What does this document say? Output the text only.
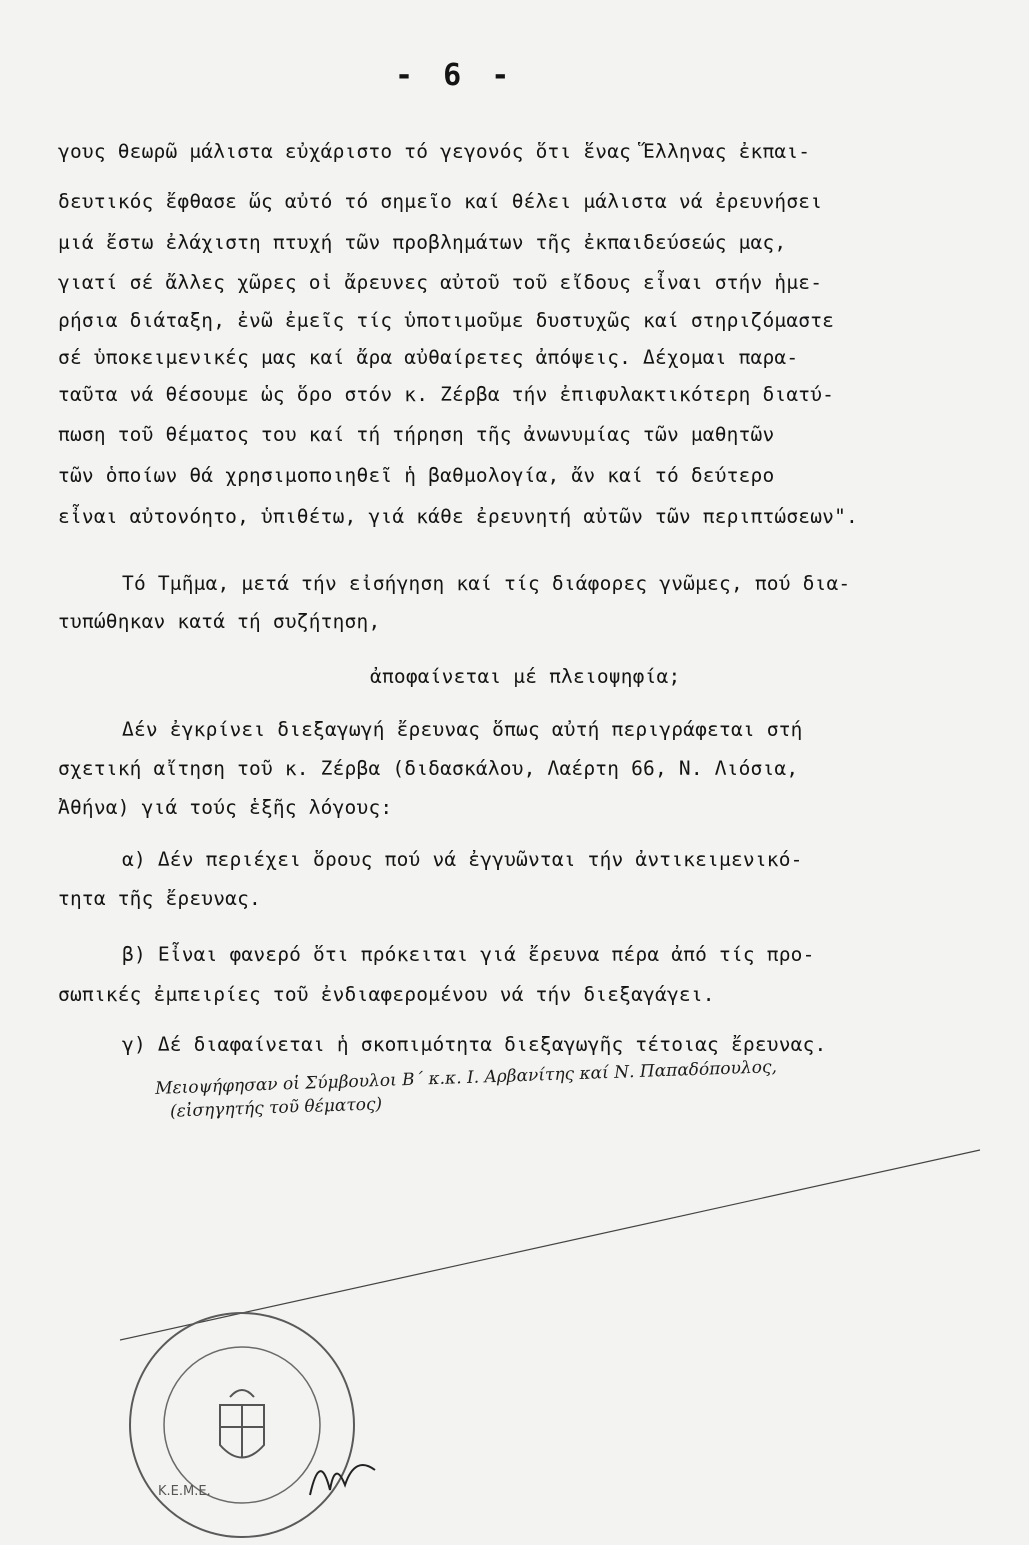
- 6 -
γους θεωρῶ μάλιστα εὐχάριστο τό γεγονός ὅτι ἕνας Ἕλληνας ἐκπαι-
δευτικός ἔφθασε ὥς αὐτό τό σημεῖο καί θέλει μάλιστα νά ἐρευνήσει
μιά ἔστω ἐλάχιστη πτυχή τῶν προβλημάτων τῆς ἐκπαιδεύσεώς μας,
γιατί σέ ἄλλες χῶρες οἱ ἄρευνες αὐτοῦ τοῦ εἴδους εἶναι στήν ἡμε-
ρήσια διάταξη, ἐνῶ ἐμεῖς τίς ὑποτιμοῦμε δυστυχῶς καί στηριζόμαστε
σέ ὑποκειμενικές μας καί ἄρα αὐθαίρετες ἀπόψεις. Δέχομαι παρα-
ταῦτα νά θέσουμε ὡς ὅρο στόν κ. Ζέρβα τήν ἐπιφυλακτικότερη διατύ-
πωση τοῦ θέματος του καί τή τήρηση τῆς ἀνωνυμίας τῶν μαθητῶν
τῶν ὁποίων θά χρησιμοποιηθεῖ ἡ βαθμολογία, ἄν καί τό δεύτερο
εἶναι αὐτονόητο, ὑπιθέτω, γιά κάθε ἐρευνητή αὐτῶν τῶν περιπτώσεων".
Τό Τμῆμα, μετά τήν εἰσήγηση καί τίς διάφορες γνῶμες, πού δια-
τυπώθηκαν κατά τή συζήτηση,
ἀποφαίνεται μέ πλειοψηφία;
Δέν ἐγκρίνει διεξαγωγή ἔρευνας ὅπως αὐτή περιγράφεται στή
σχετική αἴτηση τοῦ κ. Ζέρβα (διδασκάλου, Λαέρτη 66, Ν. Λιόσια,
Ἀθήνα) γιά τούς ἑξῆς λόγους:
α) Δέν περιέχει ὅρους πού νά ἐγγυῶνται τήν ἀντικειμενικό-
τητα τῆς ἔρευνας.
β) Εἶναι φανερό ὅτι πρόκειται γιά ἔρευνα πέρα ἀπό τίς προ-
σωπικές ἐμπειρίες τοῦ ἐνδιαφερομένου νά τήν διεξαγάγει.
γ) Δέ διαφαίνεται ἡ σκοπιμότητα διεξαγωγῆς τέτοιας ἔρευνας.
Μειοψήφησαν οἱ Σύμβουλοι Β΄ κ.κ. Ι. Αρβανίτης καί Ν. Παπαδόπουλος,
(εἰσηγητής τοῦ θέματος)
Κ.Ε.Μ.Ε.
